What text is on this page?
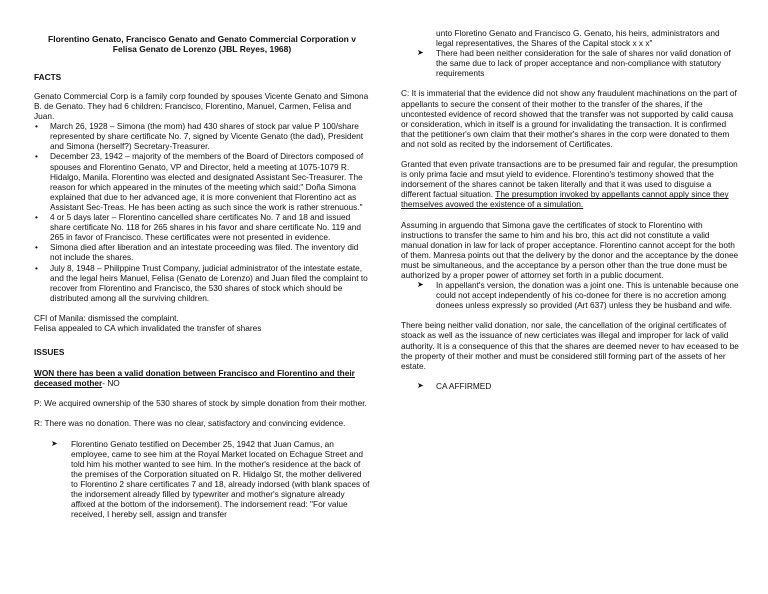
Florentino Genato, Francisco Genato and Genato Commercial Corporation v
Felisa Genato de Lorenzo (JBL Reyes, 1968)

FACTS

Genato Commercial Corp is a family corp founded by spouses Vicente Genato and Simona B. de Genato. They had 6 children: Francisco, Florentino, Manuel, Carmen, Felisa and Juan.

• March 26, 1928 – Simona (the mom) had 430 shares of stock par value P 100/share represented by share certificate No. 7, signed by Vicente Genato (the dad), President and Simona (herself?) Secretary-Treasurer.
• December 23, 1942 – majority of the members of the Board of Directors composed of spouses and Florentino Genato, VP and Director, held a meeting at 1075-1079 R. Hidalgo, Manila. Florentino was elected and designated Assistant Sec-Treasurer. The reason for which appeared in the minutes of the meeting which said:" Doña Simona explained that due to her advanced age, it is more convenient that Florentino act as Assistant Sec-Treas. He has been acting as such since the work is rather strenuous."
• 4 or 5 days later – Florentino cancelled share certificates No. 7 and 18 and issued share certificate No. 118 for 265 shares in his favor and share certificate No. 119 and 265 in favor of Francisco. These certificates were not presented in evidence.
• Simona died after liberation and an intestate proceeding was filed. The inventory did not include the shares.
• July 8, 1948 – Philippine Trust Company, judicial administrator of the intestate estate, and the legal heirs Manuel, Felisa (Genato de Lorenzo) and Juan filed the complaint to recover from Florentino and Francisco, the 530 shares of stock which should be distributed among all the surviving children.

CFI of Manila: dismissed the complaint.

Felisa appealed to CA which invalidated the transfer of shares

ISSUES

WON there has been a valid donation between Francisco and Florentino and their deceased mother- NO

P: We acquired ownership of the 530 shares of stock by simple donation from their mother.

R: There was no donation. There was no clear, satisfactory and convincing evidence.

➤ Florentino Genato testified on December 25, 1942 that Juan Camus, an employee, came to see him at the Royal Market located on Echague Street and told him his mother wanted to see him. In the mother's residence at the back of the premises of the Corporation situated on R. Hidalgo St, the mother delivered to Florentino 2 share certificates 7 and 18, already indorsed (with blank spaces of the indorsement already filled by typewriter and mother's signature already affixed at the bottom of the indorsement). The indorsement read: "For value received, I hereby sell, assign and transfer

unto Floretino Genato and Francisco G. Genato, his heirs, administrators and legal representatives, the Shares of the Capital stock x x x"

➤ There had been neither consideration for the sale of shares nor valid donation of the same due to lack of proper acceptance and non-compliance with statutory requirements

C: It is immaterial that the evidence did not show any fraudulent machinations on the part of appellants to secure the consent of their mother to the transfer of the shares, if the uncontested evidence of record showed that the transfer was not supported by calid causa or consideration, which in itself is a ground for invalidating the transaction. It is confirmed that the petitioner's own claim that their mother's shares in the corp were donated to them and not sold as recited by the indorsement of Certificates.

Granted that even private transactions are to be presumed fair and regular, the presumption is only prima facie and msut yield to evidence. Florentino's testimony showed that the indorsement of the shares cannot be taken literally and that it was used to disguise a different factual situation. The presumption invoked by appellants cannot apply since they themselves avowed the existence of a simulation.

Assuming in arguendo that Simona gave the certificates of stock to Florentino with instructions to transfer the same to him and his bro, this act did not constitute a valid manual donation in law for lack of proper acceptance. Florentino cannot accept for the both of them. Manresa points out that the delivery by the donor and the acceptance by the donee must be simultaneous, and the acceptance by a person other than the true done must be authorized by a proper power of attorney set forth in a public document.

➤ In appellant's version, the donation was a joint one. This is untenable because one could not accept independently of his co-donee for there is no accretion among donees unless expressly so provided (Art 637) unless they be husband and wife.

There being neither valid donation, nor sale, the cancellation of the original certificates of stoack as well as the issuance of new certiciates was illegal and improper for lack of valid authority. It is a consequence of this that the shares are deemed never to hav eceased to be the property of their mother and must be considered still forming part of the assets of her estate.

➤ CA AFFIRMED
